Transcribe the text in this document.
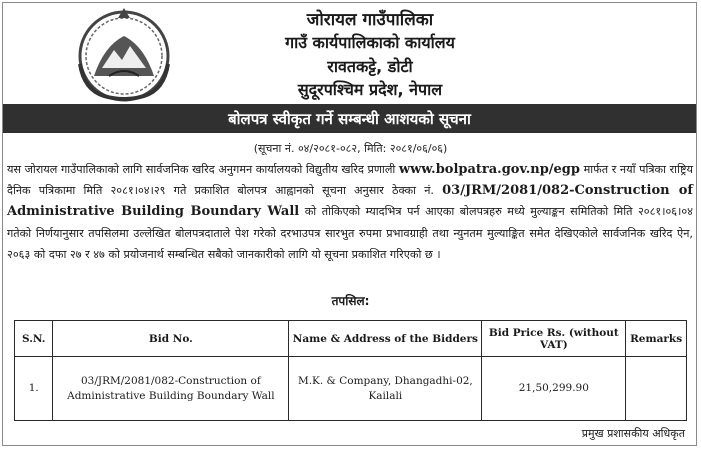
जोरायल गाउँपालिका
गाउँ कार्यपालिकाको कार्यालय
रावतकट्टे, डोटी
सुदूरपश्चिम प्रदेश, नेपाल
बोलपत्र स्वीकृत गर्ने सम्बन्धी आशयको सूचना
(सूचना नं. ०४/२०८१-०८२, मिति: २०८१/०६/०६)
यस जोरायल गाउँपालिकाको लागि सार्वजनिक खरिद अनुगमन कार्यालयको विद्युतीय खरिद प्रणाली www.bolpatra.gov.np/egp मार्फत र नयाँ पत्रिका राष्ट्रिय दैनिक पत्रिकामा मिति २०८१।०४।२९ गते प्रकाशित बोलपत्र आह्वानको सूचना अनुसार ठेक्का नं. 03/JRM/2081/082-Construction of Administrative Building Boundary Wall को तोकिएको म्यादभित्र पर्न आएका बोलपत्रहरु मध्ये मुल्याङ्कन समितिको मिति २०८१।०६।०४ गतेको निर्णयानुसार तपसिलमा उल्लेखित बोलपत्रदाताले पेश गरेको दरभाउपत्र सारभुत रुपमा प्रभावग्राही तथा न्युनतम मुल्याङ्कित समेत देखिएकोले सार्वजनिक खरिद ऐन, २०६३ को दफा २७ र ४७ को प्रयोजनार्थ सम्बन्धित सबैको जानकारीको लागि यो सूचना प्रकाशित गरिएको छ ।
तपसिल:
S.N.	Bid No.	Name & Address of the Bidders	Bid Price Rs. (without VAT)	Remarks
1.	03/JRM/2081/082-Construction of Administrative Building Boundary Wall	M.K. & Company, Dhangadhi-02, Kailali	21,50,299.90	
प्रमुख प्रशासकीय अधिकृत
